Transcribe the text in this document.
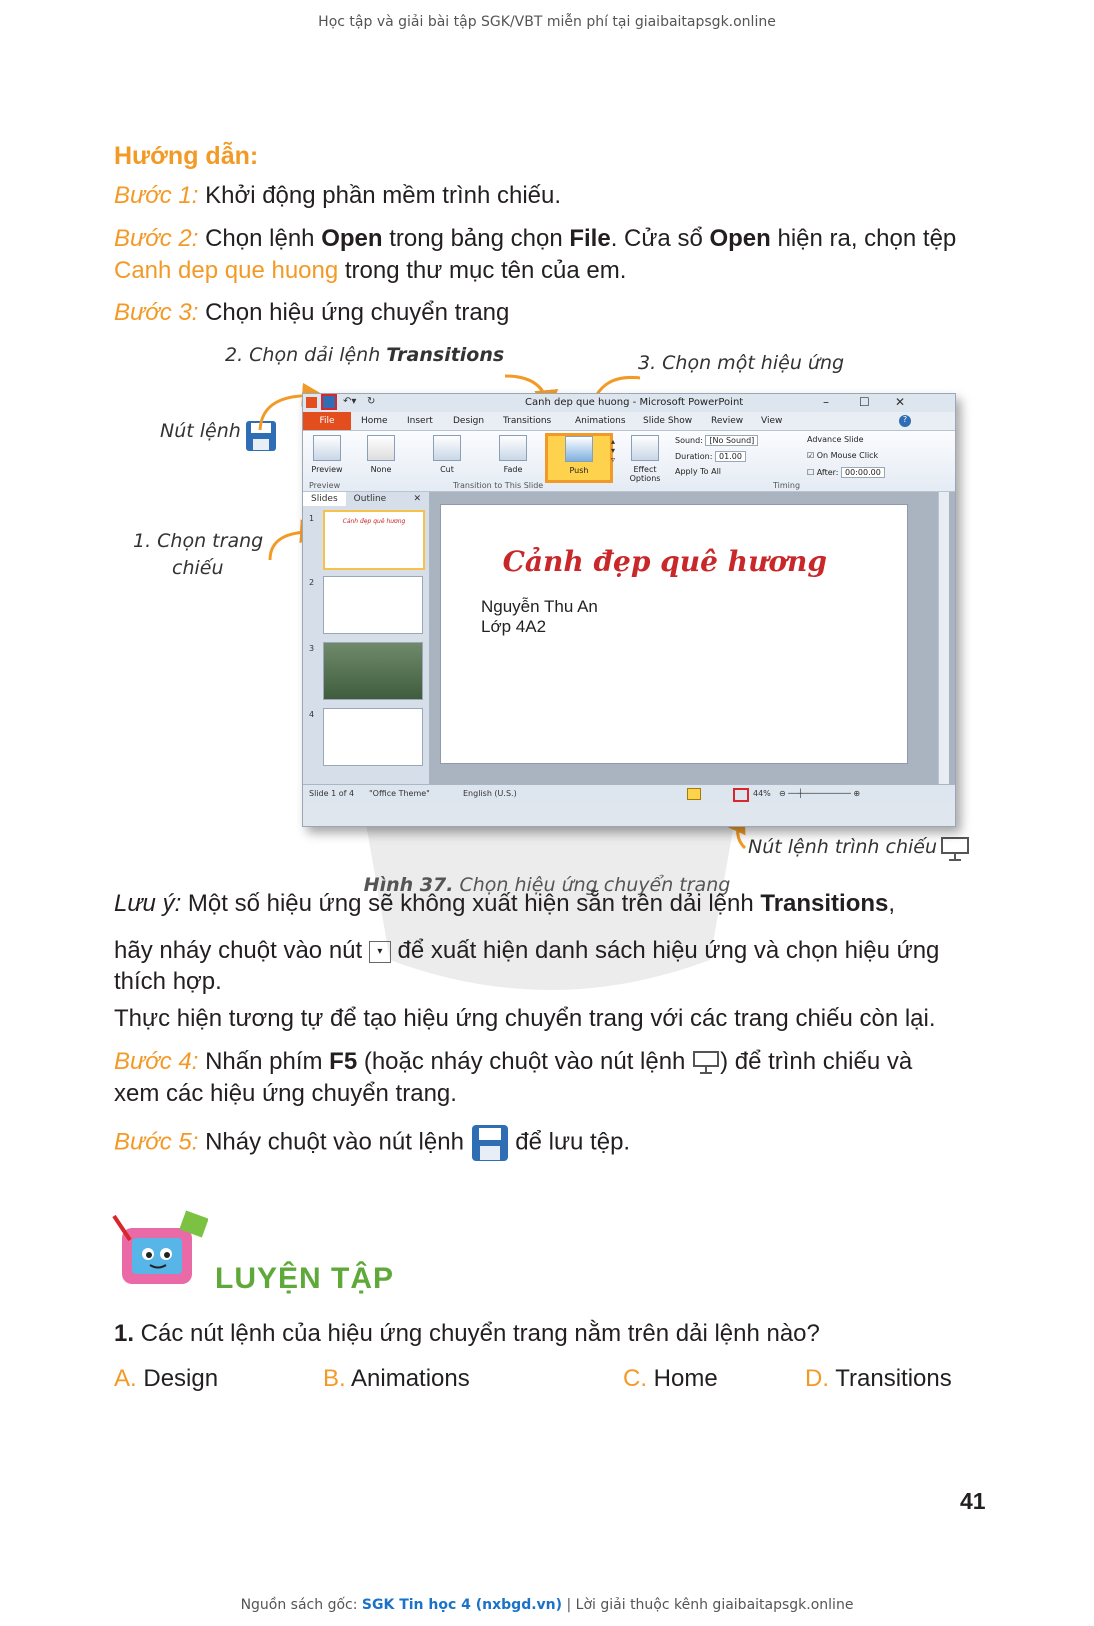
Học tập và giải bài tập SGK/VBT miễn phí tại giaibaitapsgk.online
Hướng dẫn:
Bước 1: Khởi động phần mềm trình chiếu.
Bước 2: Chọn lệnh Open trong bảng chọn File. Cửa sổ Open hiện ra, chọn tệp Canh dep que huong trong thư mục tên của em.
Bước 3: Chọn hiệu ứng chuyển trang
2. Chọn dải lệnh Transitions	3. Chọn một hiệu ứng
Nút lệnh
1. Chọn trang
chiếu
Nút lệnh trình chiếu
↶▾ ↻	Canh dep que huong - Microsoft PowerPoint	–	☐ ✕
File	Home Insert Design Transitions	Animations Slide Show Review View	?
Preview
Preview
None	Cut	Fade	Push
▴
▾
▿
Effect Options
Transition to This Slide
Sound: [No Sound]
Duration: 01.00
Apply To All
Advance Slide
☑ On Mouse Click
☐ After: 00:00.00
Timing
Slides Outline	✕
1	Cảnh đẹp quê hương
2
3
4
Cảnh đẹp quê hương
Nguyễn Thu An
Lớp 4A2
Slide 1 of 4 "Office Theme"	English (U.S.)	44% ⊖ ──┼────────── ⊕
Hình 37. Chọn hiệu ứng chuyển trang
Lưu ý: Một số hiệu ứng sẽ không xuất hiện sẵn trên dải lệnh Transitions,
hãy nháy chuột vào nút ▾ để xuất hiện danh sách hiệu ứng và chọn hiệu ứng
thích hợp.
Thực hiện tương tự để tạo hiệu ứng chuyển trang với các trang chiếu còn lại.
Bước 4: Nhấn phím F5 (hoặc nháy chuột vào nút lệnh ) để trình chiếu và
xem các hiệu ứng chuyển trang.
Bước 5: Nháy chuột vào nút lệnh để lưu tệp.
LUYỆN TẬP
1. Các nút lệnh của hiệu ứng chuyển trang nằm trên dải lệnh nào?
A. Design	B. Animations	C. Home	D. Transitions
41
Nguồn sách gốc: SGK Tin học 4 (nxbgd.vn) | Lời giải thuộc kênh giaibaitapsgk.online
